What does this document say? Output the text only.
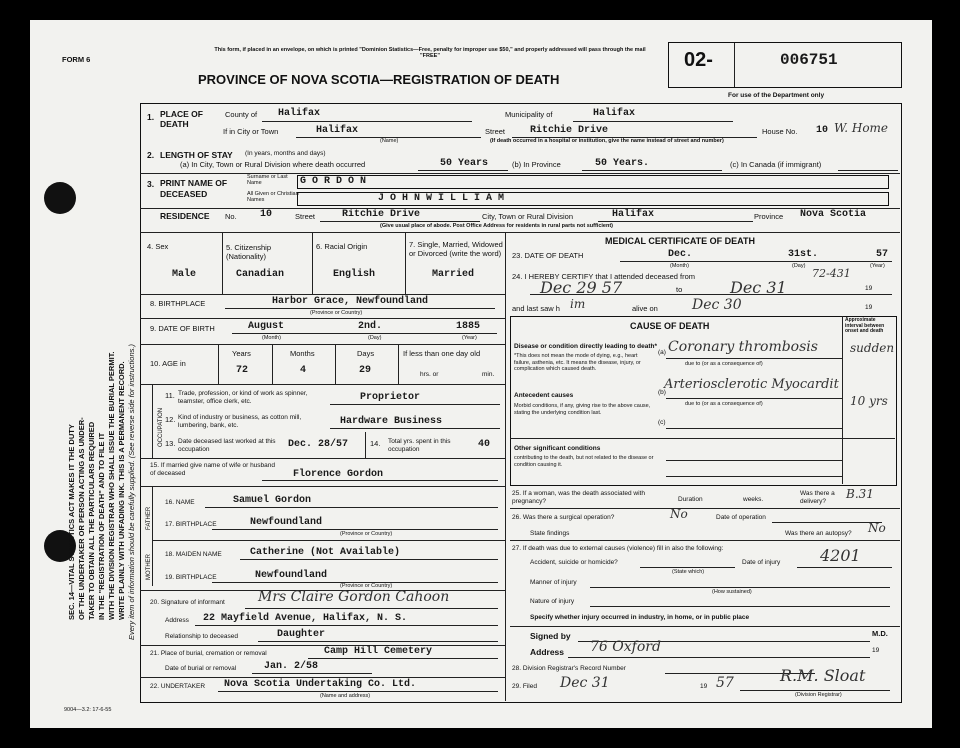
SEC. 14—VITAL STATISTICS ACT MAKES IT THE DUTY OF THE UNDERTAKER OR PERSON ACTING AS UNDER- TAKER TO OBTAIN ALL THE PARTICULARS REQUIRED IN THE "REGISTRATION OF DEATH" AND TO FILE IT WITH THE DIVISION REGISTRAR WHO SHALL ISSUE THE BURIAL PERMIT. WRITE PLAINLY WITH UNFADING INK. THIS IS A PERMANENT RECORD. Every item of information should be carefully supplied. (See reverse side for instructions.)
FORM 6
This form, if placed in an envelope, on which is printed "Dominion Statistics—Free, penalty for improper use $50," and properly addressed will pass through the mail "FREE"
PROVINCE OF NOVA SCOTIA—REGISTRATION OF DEATH
02-	006751
For use of the Department only
1. PLACE OF DEATH
County of Halifax	Municipality of	Halifax
If in City or Town	Halifax
(Name)
Street Ritchie Drive	House No. 10 W. Home
(If death occurred in a hospital or institution, give the name instead of street and number)
2. LENGTH OF STAY (In years, months and days)
(a) In City, Town or Rural Division where death occurred	50 Years	(b) In Province	50 Years.	(c) In Canada (if immigrant)
3. PRINT NAME OF DECEASED
Surname or Last Name	G O R D O N
All Given or Christian Names	J O H N W I L L I A M
RESIDENCE No. 10	Street	Ritchie Drive	City, Town or Rural Division	Halifax	Province Nova Scotia
(Give usual place of abode. Post Office Address for residents in rural parts not sufficient)
4. Sex
Male
5. Citizenship (Nationality)
Canadian
6. Racial Origin
English
7. Single, Married, Widowed or Divorced (write the word)
Married
8. BIRTHPLACE	Harbor Grace, Newfoundland
(Province or Country)
9. DATE OF BIRTH	August	2nd.	1885
(Month)	(Day)	(Year)
10. AGE in
Years
72
Months
4
Days
29
If less than one day old
hrs. or	min.
OCCUPATION
11. Trade, profession, or kind of work as spinner, teamster, office clerk, etc.	Proprietor
12. Kind of industry or business, as cotton mill, lumbering, bank, etc.	Hardware Business
13. Date deceased last worked at this occupation	Dec. 28/57	14. Total yrs. spent in this occupation	40
15. If married give name of wife or husband of deceased	Florence Gordon
FATHER
16. NAME	Samuel Gordon
17. BIRTHPLACE	Newfoundland
(Province or Country)
MOTHER 18. MAIDEN NAME	Catherine (Not Available)
19. BIRTHPLACE	Newfoundland
(Province or Country)
20. Signature of informant Mrs Claire Gordon Cahoon
Address 22 Mayfield Avenue, Halifax, N. S.
Relationship to deceased	Daughter
21. Place of burial, cremation or removal	Camp Hill Cemetery
Date of burial or removal	Jan. 2/58
22. UNDERTAKER Nova Scotia Undertaking Co. Ltd.
(Name and address)
MEDICAL CERTIFICATE OF DEATH
23. DATE OF DEATH	Dec.	31st.	57
(Month)	(Day)	(Year)
24. I HEREBY CERTIFY that I attended deceased from
Dec 29 57	to	Dec 31	19
72-431
and last saw h im	alive on Dec 30	19
CAUSE OF DEATH
Approximate interval between onset and death
Disease or condition directly leading to death*
*This does not mean the mode of dying, e.g., heart failure, asthenia, etc. It means the disease, injury, or complication which caused death.
(a) Coronary thrombosis	sudden
due to (or as a consequence of)
Antecedent causes
Morbid conditions, if any, giving rise to the above cause, stating the underlying condition last.
(b)
Arteriosclerotic Myocardit
10 yrs
due to (or as a consequence of)
(c)
Other significant conditions
contributing to the death, but not related to the disease or condition causing it.
25. If a woman, was the death associated with pregnancy?	Duration	weeks.
Was there a delivery?
B.31
26. Was there a surgical operation?	No	Date of operation
State findings	Was there an autopsy? No
27. If death was due to external causes (violence) fill in also the following:	4201
Accident, suicide or homicide?
(State which)
Date of injury
Manner of injury
(How sustained)
Nature of injury
Specify whether injury occurred in industry, in home, or in public place
Signed by
Address 76 Oxford
M.D.
19
28. Division Registrar's Record Number
29. Filed Dec 31	19 57	R.M. Sloat
(Division Registrar)
9004—3.2: 17-6-55
